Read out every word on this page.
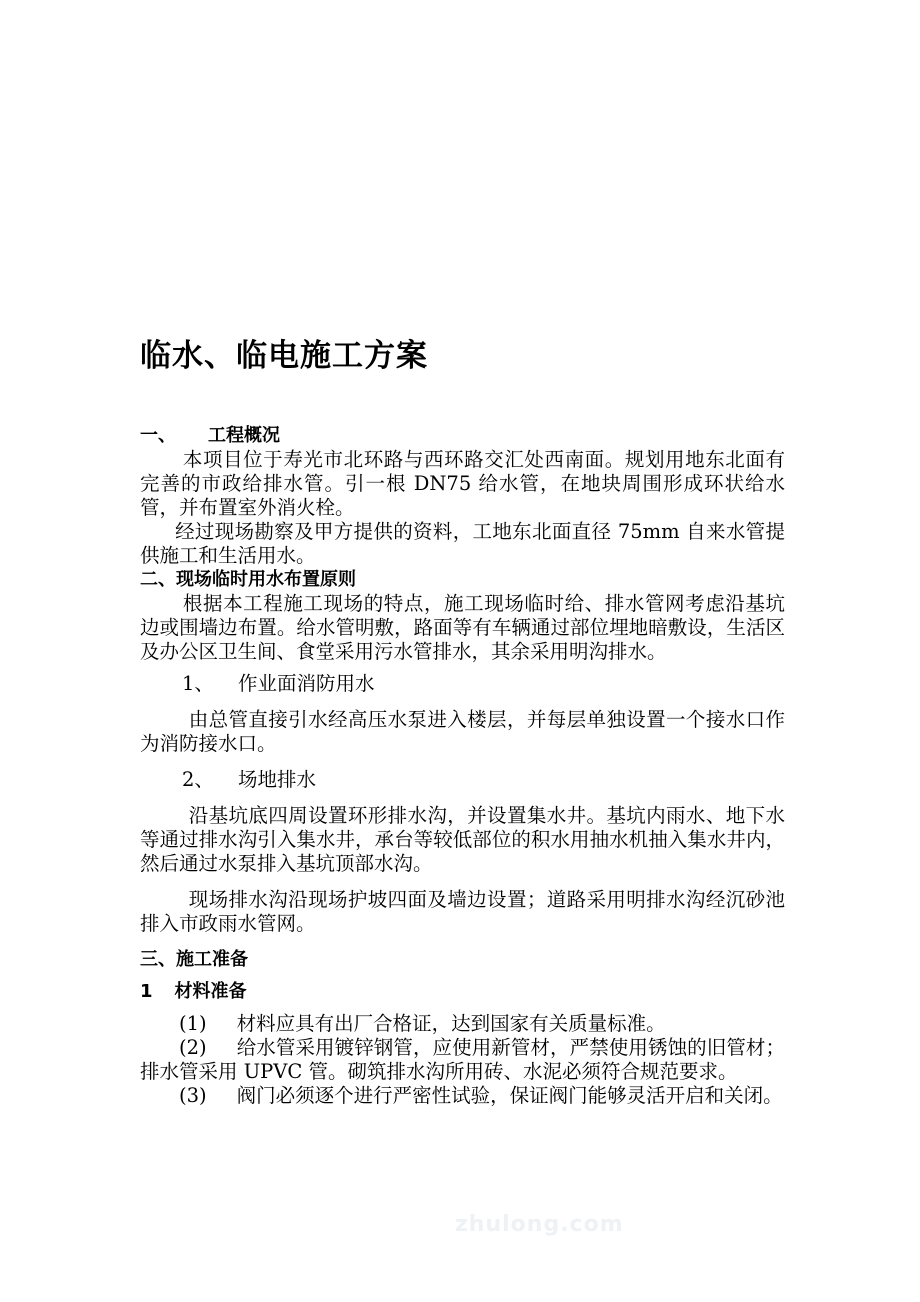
临水、临电施工方案
一、 工程概况
本项目位于寿光市北环路与西环路交汇处西南面。规划用地东北面有完善的市政给排水管。引一根 DN75 给水管，在地块周围形成环状给水管，并布置室外消火栓。
经过现场勘察及甲方提供的资料，工地东北面直径 75mm 自来水管提供施工和生活用水。
二、现场临时用水布置原则
根据本工程施工现场的特点，施工现场临时给、排水管网考虑沿基坑边或围墙边布置。给水管明敷，路面等有车辆通过部位埋地暗敷设，生活区及办公区卫生间、食堂采用污水管排水，其余采用明沟排水。
1、 作业面消防用水
由总管直接引水经高压水泵进入楼层，并每层单独设置一个接水口作为消防接水口。
2、 场地排水
沿基坑底四周设置环形排水沟，并设置集水井。基坑内雨水、地下水等通过排水沟引入集水井，承台等较低部位的积水用抽水机抽入集水井内，然后通过水泵排入基坑顶部水沟。
现场排水沟沿现场护坡四面及墙边设置；道路采用明排水沟经沉砂池排入市政雨水管网。
三、施工准备
1 材料准备
(1) 材料应具有出厂合格证，达到国家有关质量标准。
(2) 给水管采用镀锌钢管，应使用新管材，严禁使用锈蚀的旧管材；排水管采用 UPVC 管。砌筑排水沟所用砖、水泥必须符合规范要求。
(3) 阀门必须逐个进行严密性试验，保证阀门能够灵活开启和关闭。
zhulong.com
